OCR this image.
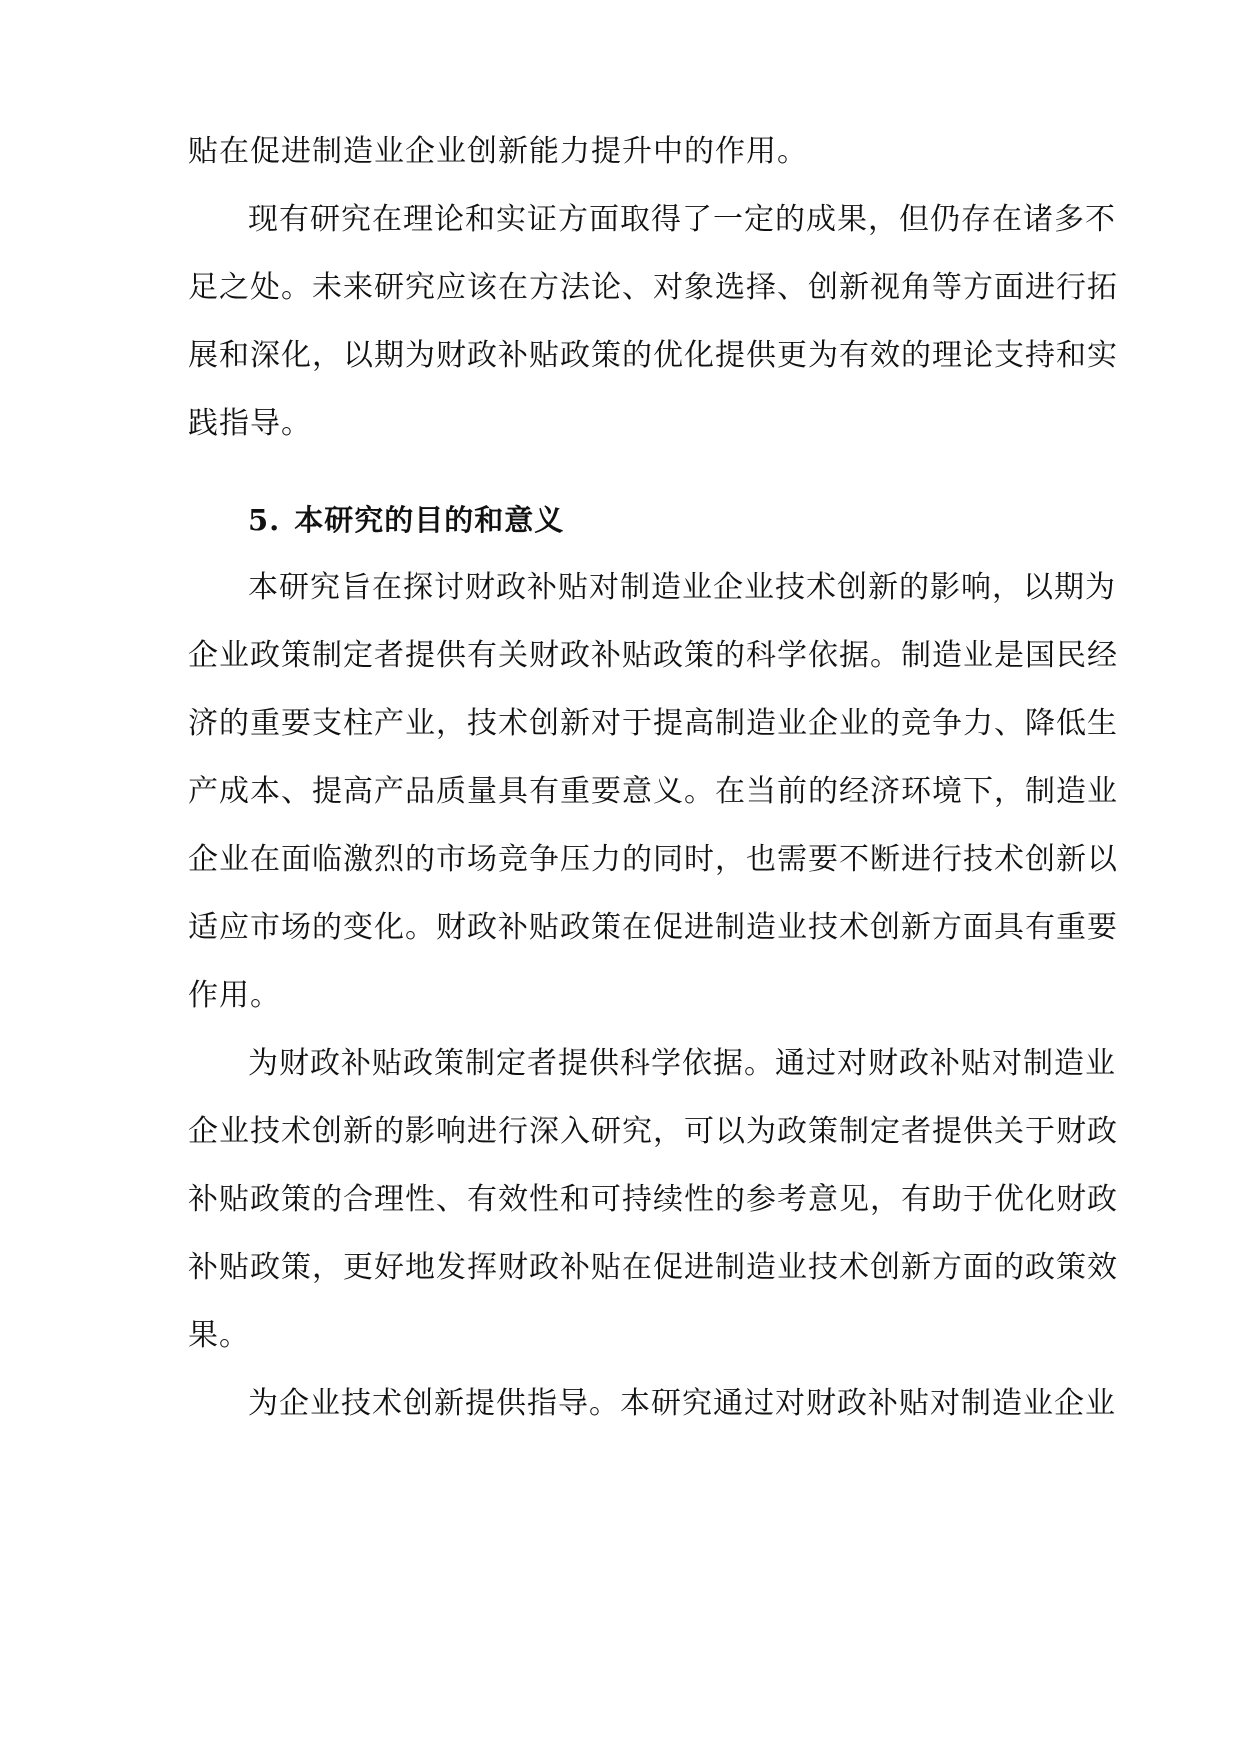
贴在促进制造业企业创新能力提升中的作用。
现有研究在理论和实证方面取得了一定的成果，但仍存在诸多不
足之处。未来研究应该在方法论、对象选择、创新视角等方面进行拓
展和深化，以期为财政补贴政策的优化提供更为有效的理论支持和实
践指导。
5. 本研究的目的和意义
本研究旨在探讨财政补贴对制造业企业技术创新的影响，以期为
企业政策制定者提供有关财政补贴政策的科学依据。制造业是国民经
济的重要支柱产业，技术创新对于提高制造业企业的竞争力、降低生
产成本、提高产品质量具有重要意义。在当前的经济环境下，制造业
企业在面临激烈的市场竞争压力的同时，也需要不断进行技术创新以
适应市场的变化。财政补贴政策在促进制造业技术创新方面具有重要
作用。
为财政补贴政策制定者提供科学依据。通过对财政补贴对制造业
企业技术创新的影响进行深入研究，可以为政策制定者提供关于财政
补贴政策的合理性、有效性和可持续性的参考意见，有助于优化财政
补贴政策，更好地发挥财政补贴在促进制造业技术创新方面的政策效
果。
为企业技术创新提供指导。本研究通过对财政补贴对制造业企业
